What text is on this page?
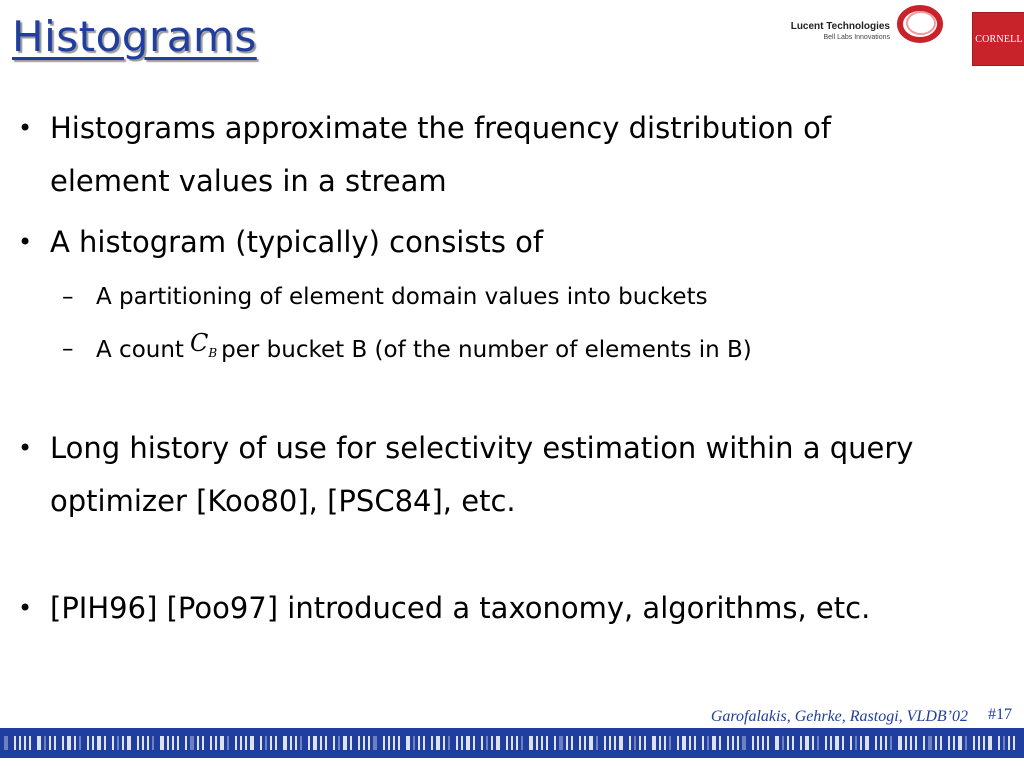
Histograms	Lucent Technologies
Bell Labs Innovations	CORNELL
• Histograms approximate the frequency distribution of
element values in a stream
• A histogram (typically) consists of
– A partitioning of element domain values into buckets
– A count $C_B$ per bucket B (of the number of elements in B)
• Long history of use for selectivity estimation within a query
optimizer [Koo80], [PSC84], etc.
• [PIH96] [Poo97] introduced a taxonomy, algorithms, etc.
Garofalakis, Gehrke, Rastogi, VLDB’02 #17
